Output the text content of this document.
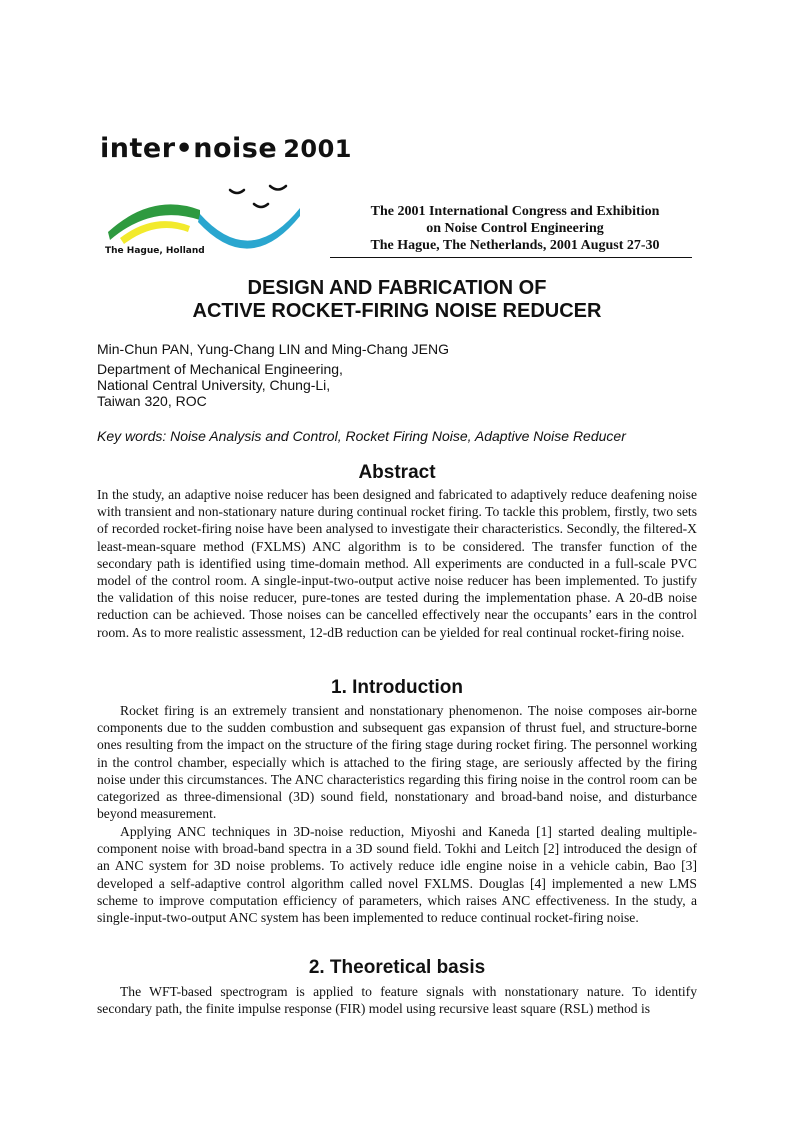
inter•noise 2001
The Hague, Holland
The 2001 International Congress and Exhibition
on Noise Control Engineering
The Hague, The Netherlands, 2001 August 27-30
DESIGN AND FABRICATION OF
ACTIVE ROCKET-FIRING NOISE REDUCER
Min-Chun PAN, Yung-Chang LIN and Ming-Chang JENG
Department of Mechanical Engineering,
National Central University, Chung-Li,
Taiwan 320, ROC
Key words: Noise Analysis and Control, Rocket Firing Noise, Adaptive Noise Reducer
Abstract

In the study, an adaptive noise reducer has been designed and fabricated to adaptively reduce deafening noise with transient and non-stationary nature during continual rocket firing. To tackle this problem, firstly, two sets of recorded rocket-firing noise have been analysed to investigate their characteristics. Secondly, the filtered-X least-mean-square method (FXLMS) ANC algorithm is to be considered. The transfer function of the secondary path is identified using time-domain method. All experiments are conducted in a full-scale PVC model of the control room. A single-input-two-output active noise reducer has been implemented. To justify the validation of this noise reducer, pure-tones are tested during the implementation phase. A 20-dB noise reduction can be achieved. Those noises can be cancelled effectively near the occupants’ ears in the control room. As to more realistic assessment, 12-dB reduction can be yielded for real continual rocket-firing noise.

1. Introduction

Rocket firing is an extremely transient and nonstationary phenomenon. The noise composes air-borne components due to the sudden combustion and subsequent gas expansion of thrust fuel, and structure-borne ones resulting from the impact on the structure of the firing stage during rocket firing. The personnel working in the control chamber, especially which is attached to the firing stage, are seriously affected by the firing noise under this circumstances. The ANC characteristics regarding this firing noise in the control room can be categorized as three-dimensional (3D) sound field, nonstationary and broad-band noise, and disturbance beyond measurement.

Applying ANC techniques in 3D-noise reduction, Miyoshi and Kaneda [1] started dealing multiple-component noise with broad-band spectra in a 3D sound field. Tokhi and Leitch [2] introduced the design of an ANC system for 3D noise problems. To actively reduce idle engine noise in a vehicle cabin, Bao [3] developed a self-adaptive control algorithm called novel FXLMS. Douglas [4] implemented a new LMS scheme to improve computation efficiency of parameters, which raises ANC effectiveness. In the study, a single-input-two-output ANC system has been implemented to reduce continual rocket-firing noise.

2. Theoretical basis

The WFT-based spectrogram is applied to feature signals with nonstationary nature. To identify secondary path, the finite impulse response (FIR) model using recursive least square (RSL) method is
